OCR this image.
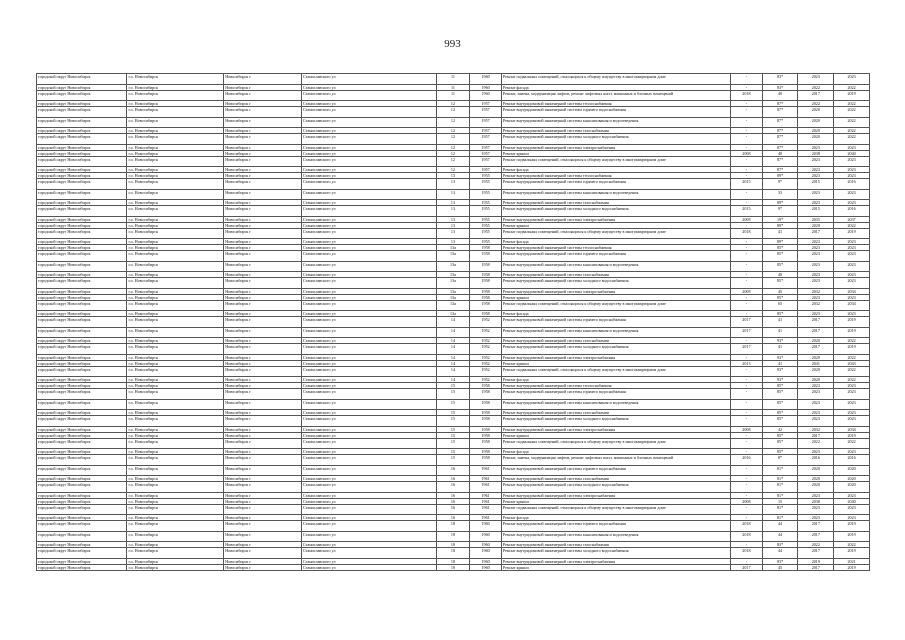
993
городской округ Новосибирск	г.о. Новосибирск	Новосибирск г	Станиславского ул	11	1960	Ремонт подвальных помещений, относящихся к общему имуществу в многоквартирном доме	-	83*	2023	2023
городской округ Новосибирск	г.о. Новосибирск	Новосибирск г	Станиславского ул	11	1960	Ремонт фасада	-	83*	2022	2022
городской округ Новосибирск	г.о. Новосибирск	Новосибирск г	Станиславского ул	11	1960	Ремонт, замена, модернизация лифтов, ремонт лифтовых шахт, машинных и блочных помещений	2018	40	2017	2019
городской округ Новосибирск	г.о. Новосибирск	Новосибирск г	Станиславского ул	12	1957	Ремонт внутридомовой инженерной системы теплоснабжения	-	87*	2022	2022
городской округ Новосибирск	г.о. Новосибирск	Новосибирск г	Станиславского ул	12	1957	Ремонт внутридомовой инженерной системы горячего водоснабжения	-	87*	2020	2022
городской округ Новосибирск	г.о. Новосибирск	Новосибирск г	Станиславского ул	12	1957	Ремонт внутридомовой инженерной системы канализования и водоотведения	-	87*	2020	2022
городской округ Новосибирск	г.о. Новосибирск	Новосибирск г	Станиславского ул	12	1957	Ремонт внутридомовой инженерной системы газоснабжения	-	87*	2020	2022
городской округ Новосибирск	г.о. Новосибирск	Новосибирск г	Станиславского ул	12	1957	Ремонт внутридомовой инженерной системы холодного водоснабжения	-	87*	2020	2022
городской округ Новосибирск	г.о. Новосибирск	Новосибирск г	Станиславского ул	12	1957	Ремонт внутридомовой инженерной системы электроснабжения	-	87*	2023	2023
городской округ Новосибирск	г.о. Новосибирск	Новосибирск г	Станиславского ул	12	1957	Ремонт крыши	2008	40	2038	2040
городской округ Новосибирск	г.о. Новосибирск	Новосибирск г	Станиславского ул	12	1957	Ремонт подвальных помещений, относящихся к общему имуществу в многоквартирном доме	-	87*	2023	2023
городской округ Новосибирск	г.о. Новосибирск	Новосибирск г	Станиславского ул	12	1957	Ремонт фасада	-	87*	2023	2023
городской округ Новосибирск	г.о. Новосибирск	Новосибирск г	Станиславского ул	13	1955	Ремонт внутридомовой инженерной системы теплоснабжения	-	89*	2023	2023
городской округ Новосибирск	г.о. Новосибирск	Новосибирск г	Станиславского ул	13	1955	Ремонт внутридомовой инженерной системы горячего водоснабжения	2015	9*	2015	2016
городской округ Новосибирск	г.о. Новосибирск	Новосибирск г	Станиславского ул	13	1955	Ремонт внутридомовой инженерной системы канализования и водоотведения	-	33	2023	2023
городской округ Новосибирск	г.о. Новосибирск	Новосибирск г	Станиславского ул	13	1955	Ремонт внутридомовой инженерной системы газоснабжения	-	89*	2023	2023
городской округ Новосибирск	г.о. Новосибирск	Новосибирск г	Станиславского ул	13	1955	Ремонт внутридомовой инженерной системы холодного водоснабжения	2015	9*	2015	2016
городской округ Новосибирск	г.о. Новосибирск	Новосибирск г	Станиславского ул	13	1955	Ремонт внутридомовой инженерной системы электроснабжения	2008	19*	2035	2037
городской округ Новосибирск	г.о. Новосибирск	Новосибирск г	Станиславского ул	13	1955	Ремонт крыши	-	89*	2020	2022
городской округ Новосибирск	г.о. Новосибирск	Новосибирск г	Станиславского ул	13	1955	Ремонт подвальных помещений, относящихся к общему имуществу в многоквартирном доме	2018	41	2017	2019
городской округ Новосибирск	г.о. Новосибирск	Новосибирск г	Станиславского ул	13	1955	Ремонт фасада	-	89*	2023	2023
городской округ Новосибирск	г.о. Новосибирск	Новосибирск г	Станиславского ул	13а	1958	Ремонт внутридомовой инженерной системы теплоснабжения	-	85*	2023	2023
городской округ Новосибирск	г.о. Новосибирск	Новосибирск г	Станиславского ул	13а	1958	Ремонт внутридомовой инженерной системы горячего водоснабжения	-	85*	2023	2023
городской округ Новосибирск	г.о. Новосибирск	Новосибирск г	Станиславского ул	13а	1958	Ремонт внутридомовой инженерной системы канализования и водоотведения	-	85*	2023	2023
городской округ Новосибирск	г.о. Новосибирск	Новосибирск г	Станиславского ул	13а	1958	Ремонт внутридомовой инженерной системы газоснабжения	-	40	2023	2023
городской округ Новосибирск	г.о. Новосибирск	Новосибирск г	Станиславского ул	13а	1958	Ремонт внутридомовой инженерной системы холодного водоснабжения	-	85*	2023	2023
городской округ Новосибирск	г.о. Новосибирск	Новосибирск г	Станиславского ул	13а	1958	Ремонт внутридомовой инженерной системы электроснабжения	2008	45	2032	2034
городской округ Новосибирск	г.о. Новосибирск	Новосибирск г	Станиславского ул	13а	1958	Ремонт крыши	-	85*	2023	2023
городской округ Новосибирск	г.о. Новосибирск	Новосибирск г	Станиславского ул	13а	1958	Ремонт подвальных помещений, относящихся к общему имуществу в многоквартирном доме	-	65	2032	2034
городской округ Новосибирск	г.о. Новосибирск	Новосибирск г	Станиславского ул	13а	1958	Ремонт фасада	-	85*	2023	2023
городской округ Новосибирск	г.о. Новосибирск	Новосибирск г	Станиславского ул	14	1952	Ремонт внутридомовой инженерной системы горячего водоснабжения	2017	41	2017	2019
городской округ Новосибирск	г.о. Новосибирск	Новосибирск г	Станиславского ул	14	1952	Ремонт внутридомовой инженерной системы канализования и водоотведения	2017	41	2017	2019
городской округ Новосибирск	г.о. Новосибирск	Новосибирск г	Станиславского ул	14	1952	Ремонт внутридомовой инженерной системы газоснабжения	-	93*	2020	2022
городской округ Новосибирск	г.о. Новосибирск	Новосибирск г	Станиславского ул	14	1952	Ремонт внутридомовой инженерной системы холодного водоснабжения	2017	41	2017	2019
городской округ Новосибирск	г.о. Новосибирск	Новосибирск г	Станиславского ул	14	1952	Ремонт внутридомовой инженерной системы электроснабжения	-	93*	2020	2022
городской округ Новосибирск	г.о. Новосибирск	Новосибирск г	Станиславского ул	14	1952	Ремонт крыши	2013	41	2041	2043
городской округ Новосибирск	г.о. Новосибирск	Новосибирск г	Станиславского ул	14	1952	Ремонт подвальных помещений, относящихся к общему имуществу в многоквартирном доме	-	93*	2020	2022
городской округ Новосибирск	г.о. Новосибирск	Новосибирск г	Станиславского ул	14	1952	Ремонт фасада	-	93*	2020	2022
городской округ Новосибирск	г.о. Новосибирск	Новосибирск г	Станиславского ул	15	1958	Ремонт внутридомовой инженерной системы теплоснабжения	-	85*	2023	2023
городской округ Новосибирск	г.о. Новосибирск	Новосибирск г	Станиславского ул	15	1958	Ремонт внутридомовой инженерной системы горячего водоснабжения	-	85*	2023	2023
городской округ Новосибирск	г.о. Новосибирск	Новосибирск г	Станиславского ул	15	1958	Ремонт внутридомовой инженерной системы канализования и водоотведения	-	85*	2023	2023
городской округ Новосибирск	г.о. Новосибирск	Новосибирск г	Станиславского ул	15	1958	Ремонт внутридомовой инженерной системы газоснабжения	-	85*	2023	2023
городской округ Новосибирск	г.о. Новосибирск	Новосибирск г	Станиславского ул	15	1958	Ремонт внутридомовой инженерной системы холодного водоснабжения	-	85*	2023	2023
городской округ Новосибирск	г.о. Новосибирск	Новосибирск г	Станиславского ул	15	1958	Ремонт внутридомовой инженерной системы электроснабжения	2008	42	2032	2034
городской округ Новосибирск	г.о. Новосибирск	Новосибирск г	Станиславского ул	15	1958	Ремонт крыши	-	85*	2017	2019
городской округ Новосибирск	г.о. Новосибирск	Новосибирск г	Станиславского ул	15	1958	Ремонт подвальных помещений, относящихся к общему имуществу в многоквартирном доме	-	85*	2022	2022
городской округ Новосибирск	г.о. Новосибирск	Новосибирск г	Станиславского ул	15	1958	Ремонт фасада	-	85*	2023	2023
городской округ Новосибирск	г.о. Новосибирск	Новосибирск г	Станиславского ул	15	1958	Ремонт, замена, модернизация лифтов, ремонт лифтовых шахт, машинных и блочных помещений	2016	8*	2016	2016
городской округ Новосибирск	г.о. Новосибирск	Новосибирск г	Станиславского ул	16	1961	Ремонт внутридомовой инженерной системы горячего водоснабжения	-	81*	2020	2020
городской округ Новосибирск	г.о. Новосибирск	Новосибирск г	Станиславского ул	16	1961	Ремонт внутридомовой инженерной системы газоснабжения	-	81*	2020	2020
городской округ Новосибирск	г.о. Новосибирск	Новосибирск г	Станиславского ул	16	1961	Ремонт внутридомовой инженерной системы холодного водоснабжения	-	81*	2020	2020
городской округ Новосибирск	г.о. Новосибирск	Новосибирск г	Станиславского ул	16	1961	Ремонт внутридомовой инженерной системы электроснабжения	-	81*	2023	2023
городской округ Новосибирск	г.о. Новосибирск	Новосибирск г	Станиславского ул	16	1961	Ремонт крыши	2008	15	2038	2040
городской округ Новосибирск	г.о. Новосибирск	Новосибирск г	Станиславского ул	16	1961	Ремонт подвальных помещений, относящихся к общему имуществу в многоквартирном доме	-	81*	2023	2023
городской округ Новосибирск	г.о. Новосибирск	Новосибирск г	Станиславского ул	16	1961	Ремонт фасада	-	81*	2023	2023
городской округ Новосибирск	г.о. Новосибирск	Новосибирск г	Станиславского ул	18	1960	Ремонт внутридомовой инженерной системы горячего водоснабжения	2018	44	2017	2019
городской округ Новосибирск	г.о. Новосибирск	Новосибирск г	Станиславского ул	18	1960	Ремонт внутридомовой инженерной системы канализования и водоотведения	2018	44	2017	2019
городской округ Новосибирск	г.о. Новосибирск	Новосибирск г	Станиславского ул	18	1960	Ремонт внутридомовой инженерной системы газоснабжения	-	83*	2022	2022
городской округ Новосибирск	г.о. Новосибирск	Новосибирск г	Станиславского ул	18	1960	Ремонт внутридомовой инженерной системы холодного водоснабжения	2018	44	2017	2019
городской округ Новосибирск	г.о. Новосибирск	Новосибирск г	Станиславского ул	18	1960	Ремонт внутридомовой инженерной системы электроснабжения	-	83*	2019	2021
городской округ Новосибирск	г.о. Новосибирск	Новосибирск г	Станиславского ул	18	1960	Ремонт крыши	2017	45	2017	2019
